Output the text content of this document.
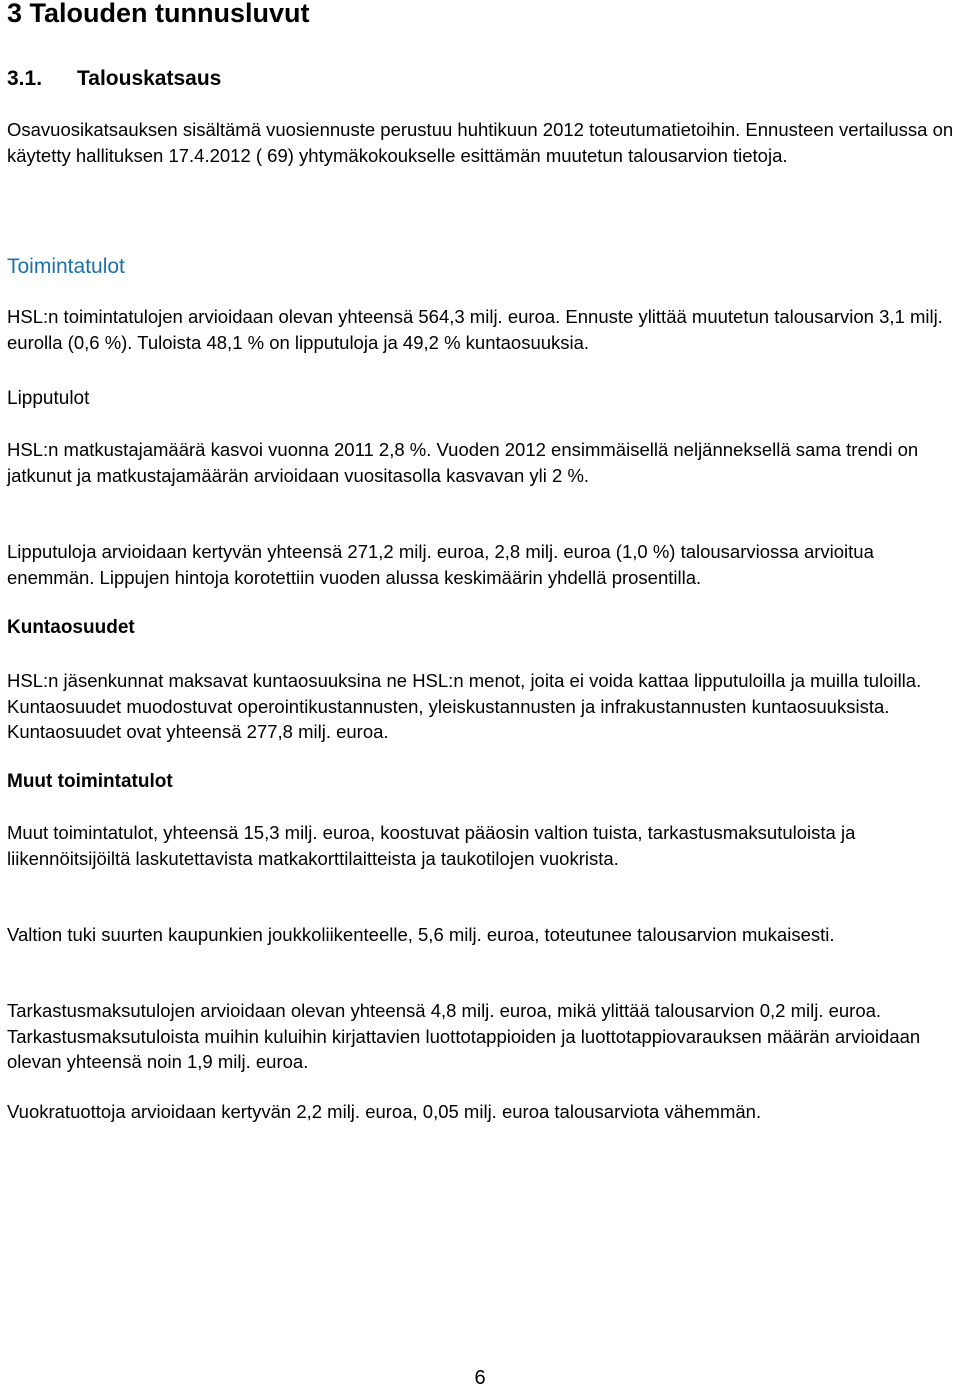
3 Talouden tunnusluvut
3.1. Talouskatsaus

Osavuosikatsauksen sisältämä vuosiennuste perustuu huhtikuun 2012 toteutumatietoihin. Ennusteen vertailussa on käytetty hallituksen 17.4.2012 ( 69) yhtymäkokoukselle esittämän muutetun talousarvion tietoja.

Toimintatulot

HSL:n toimintatulojen arvioidaan olevan yhteensä 564,3 milj. euroa. Ennuste ylittää muutetun talousarvion 3,1 milj. eurolla (0,6 %). Tuloista 48,1 % on lipputuloja ja 49,2 % kuntaosuuksia.

Lipputulot

HSL:n matkustajamäärä kasvoi vuonna 2011 2,8 %. Vuoden 2012 ensimmäisellä neljänneksellä sama trendi on jatkunut ja matkustajamäärän arvioidaan vuositasolla kasvavan yli 2 %.

Lipputuloja arvioidaan kertyvän yhteensä 271,2 milj. euroa, 2,8 milj. euroa (1,0 %) talousarviossa arvioitua enemmän. Lippujen hintoja korotettiin vuoden alussa keskimäärin yhdellä prosentilla.

Kuntaosuudet

HSL:n jäsenkunnat maksavat kuntaosuuksina ne HSL:n menot, joita ei voida kattaa lipputuloilla ja muilla tuloilla. Kuntaosuudet muodostuvat operointikustannusten, yleiskustannusten ja infrakustannusten kuntaosuuksista. Kuntaosuudet ovat yhteensä 277,8 milj. euroa.

Muut toimintatulot

Muut toimintatulot, yhteensä 15,3 milj. euroa, koostuvat pääosin valtion tuista, tarkastusmaksutuloista ja liikennöitsijöiltä laskutettavista matkakorttilaitteista ja taukotilojen vuokrista.

Valtion tuki suurten kaupunkien joukkoliikenteelle, 5,6 milj. euroa, toteutunee talousarvion mukaisesti.

Tarkastusmaksutulojen arvioidaan olevan yhteensä 4,8 milj. euroa, mikä ylittää talousarvion 0,2 milj. euroa. Tarkastusmaksutuloista muihin kuluihin kirjattavien luottotappioiden ja luottotappiovarauksen määrän arvioidaan olevan yhteensä noin 1,9 milj. euroa.

Vuokratuottoja arvioidaan kertyvän 2,2 milj. euroa, 0,05 milj. euroa talousarviota vähemmän.

6
